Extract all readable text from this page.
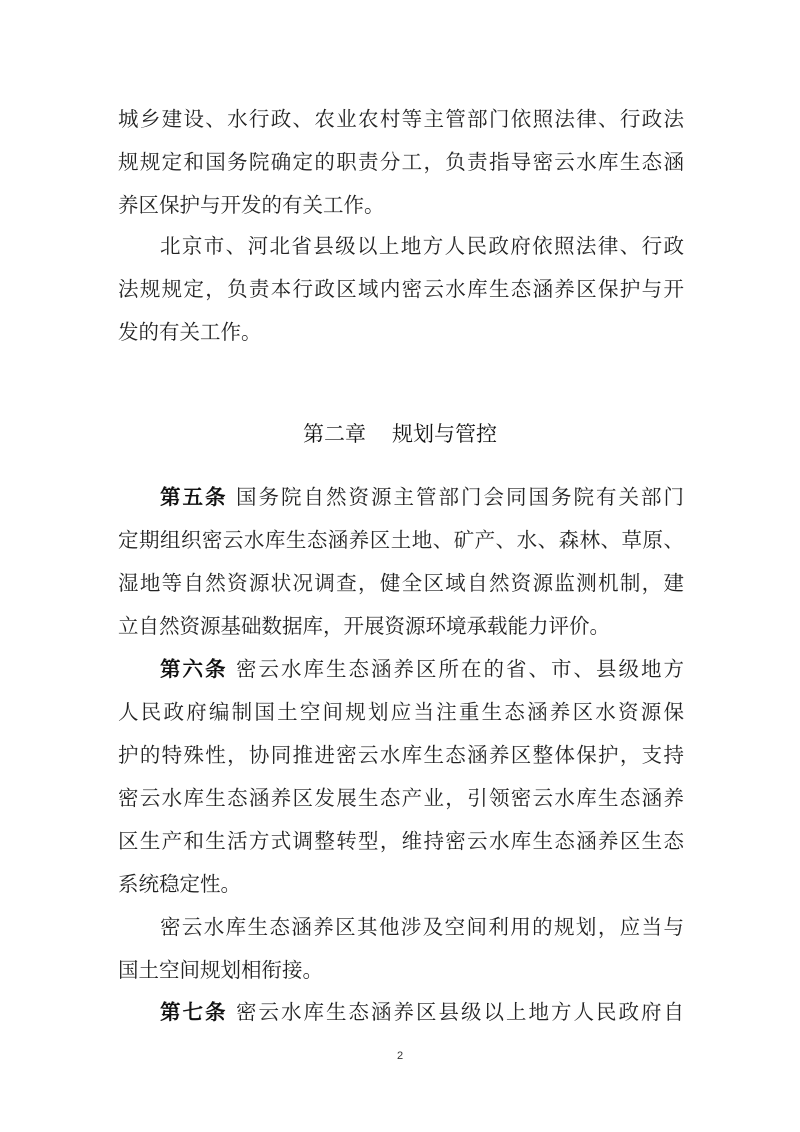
城乡建设、水行政、农业农村等主管部门依照法律、行政法
规规定和国务院确定的职责分工，负责指导密云水库生态涵
养区保护与开发的有关工作。
北京市、河北省县级以上地方人民政府依照法律、行政
法规规定，负责本行政区域内密云水库生态涵养区保护与开
发的有关工作。
第二章 规划与管控
第五条 国务院自然资源主管部门会同国务院有关部门
定期组织密云水库生态涵养区土地、矿产、水、森林、草原、
湿地等自然资源状况调查，健全区域自然资源监测机制，建
立自然资源基础数据库，开展资源环境承载能力评价。
第六条 密云水库生态涵养区所在的省、市、县级地方
人民政府编制国土空间规划应当注重生态涵养区水资源保
护的特殊性，协同推进密云水库生态涵养区整体保护，支持
密云水库生态涵养区发展生态产业，引领密云水库生态涵养
区生产和生活方式调整转型，维持密云水库生态涵养区生态
系统稳定性。
密云水库生态涵养区其他涉及空间利用的规划，应当与
国土空间规划相衔接。
第七条 密云水库生态涵养区县级以上地方人民政府自
2
